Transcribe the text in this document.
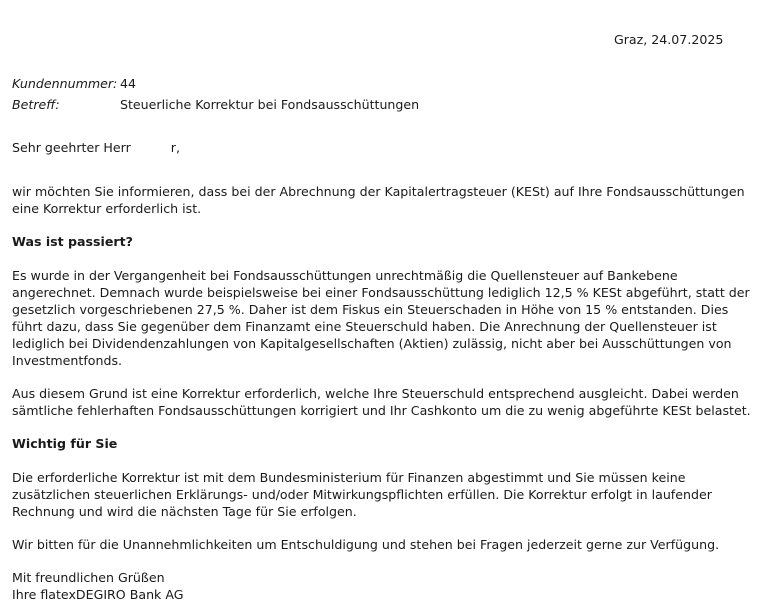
Graz, 24.07.2025
Kundennummer: 44
Betreff:	Steuerliche Korrektur bei Fondsausschüttungen
Sehr geehrter Herr	r,

wir möchten Sie informieren, dass bei der Abrechnung der Kapitalertragsteuer (KESt) auf Ihre Fondsausschüttungen eine Korrektur erforderlich ist.

Was ist passiert?

Es wurde in der Vergangenheit bei Fondsausschüttungen unrechtmäßig die Quellensteuer auf Bankebene angerechnet. Demnach wurde beispielsweise bei einer Fondsausschüttung lediglich 12,5 % KESt abgeführt, statt der gesetzlich vorgeschriebenen 27,5 %. Daher ist dem Fiskus ein Steuerschaden in Höhe von 15 % entstanden. Dies führt dazu, dass Sie gegenüber dem Finanzamt eine Steuerschuld haben. Die Anrechnung der Quellensteuer ist lediglich bei Dividendenzahlungen von Kapitalgesellschaften (Aktien) zulässig, nicht aber bei Ausschüttungen von Investmentfonds.

Aus diesem Grund ist eine Korrektur erforderlich, welche Ihre Steuerschuld entsprechend ausgleicht. Dabei werden sämtliche fehlerhaften Fondsausschüttungen korrigiert und Ihr Cashkonto um die zu wenig abgeführte KESt belastet.

Wichtig für Sie

Die erforderliche Korrektur ist mit dem Bundesministerium für Finanzen abgestimmt und Sie müssen keine zusätzlichen steuerlichen Erklärungs- und/oder Mitwirkungspflichten erfüllen. Die Korrektur erfolgt in laufender Rechnung und wird die nächsten Tage für Sie erfolgen.

Wir bitten für die Unannehmlichkeiten um Entschuldigung und stehen bei Fragen jederzeit gerne zur Verfügung.

Mit freundlichen Grüßen

Ihre flatexDEGIRO Bank AG
